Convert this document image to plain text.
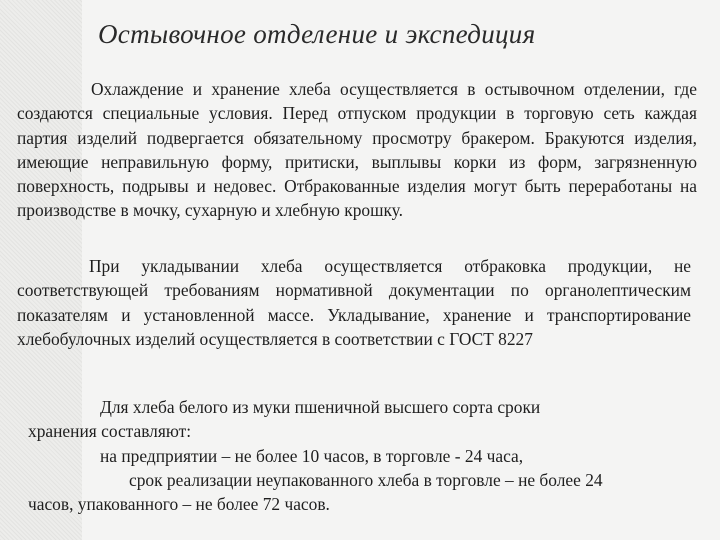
Остывочное отделение и экспедиция

Охлаждение и хранение хлеба осуществляется в остывочном отделении, где создаются специальные условия. Перед отпуском продукции в торговую сеть каждая партия изделий подвергается обязательному просмотру бракером. Бракуются изделия, имеющие неправильную форму, притиски, выплывы корки из форм, загрязненную поверхность, подрывы и недовес. Отбракованные изделия могут быть переработаны на производстве в мочку, сухарную и хлебную крошку.

При укладывании хлеба осуществляется отбраковка продукции, не соответствующей требованиям нормативной документации по органолептическим показателям и установленной массе. Укладывание, хранение и транспортирование хлебобулочных изделий осуществляется в соответствии с ГОСТ 8227

Для хлеба белого из муки пшеничной высшего сорта сроки
хранения составляют:
на предприятии – не более 10 часов, в торговле - 24 часа,
срок реализации неупакованного хлеба в торговле – не более 24
часов, упакованного – не более 72 часов.
